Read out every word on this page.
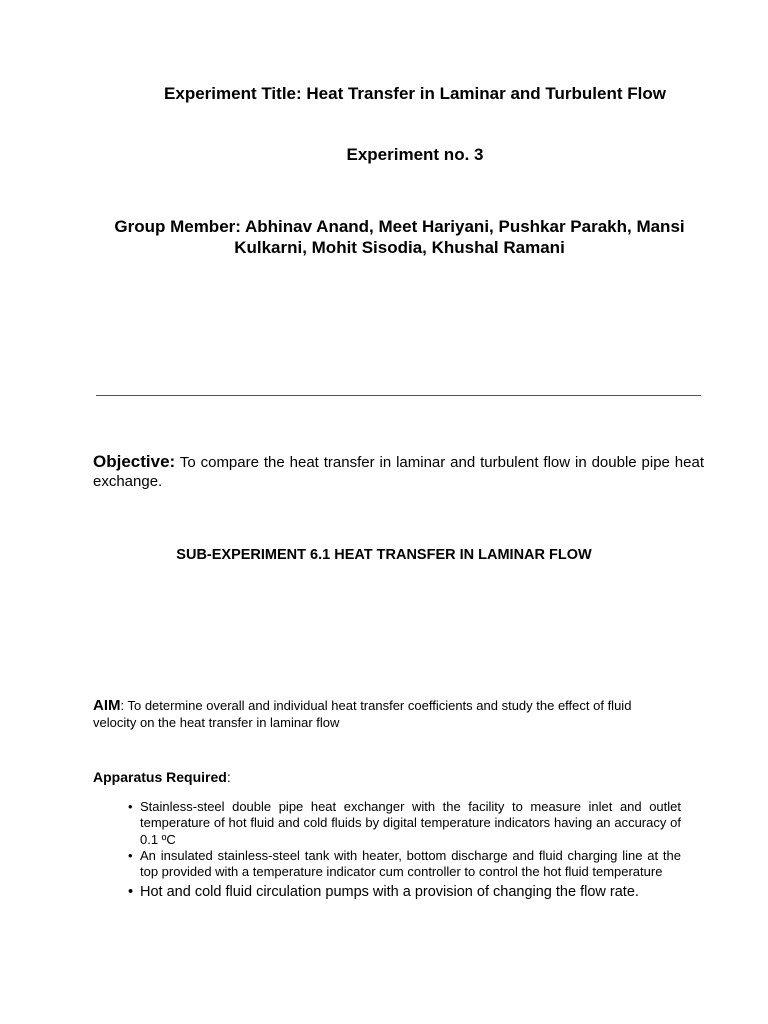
Experiment Title: Heat Transfer in Laminar and Turbulent Flow
Experiment no. 3
Group Member: Abhinav Anand, Meet Hariyani, Pushkar Parakh, Mansi Kulkarni, Mohit Sisodia, Khushal Ramani
Objective: To compare the heat transfer in laminar and turbulent flow in double pipe heat exchange.
SUB-EXPERIMENT 6.1 HEAT TRANSFER IN LAMINAR FLOW
AIM: To determine overall and individual heat transfer coefficients and study the effect of fluid velocity on the heat transfer in laminar flow
Apparatus Required:
• Stainless-steel double pipe heat exchanger with the facility to measure inlet and outlet temperature of hot fluid and cold fluids by digital temperature indicators having an accuracy of 0.1 ºC
• An insulated stainless-steel tank with heater, bottom discharge and fluid charging line at the top provided with a temperature indicator cum controller to control the hot fluid temperature
• Hot and cold fluid circulation pumps with a provision of changing the flow rate.
